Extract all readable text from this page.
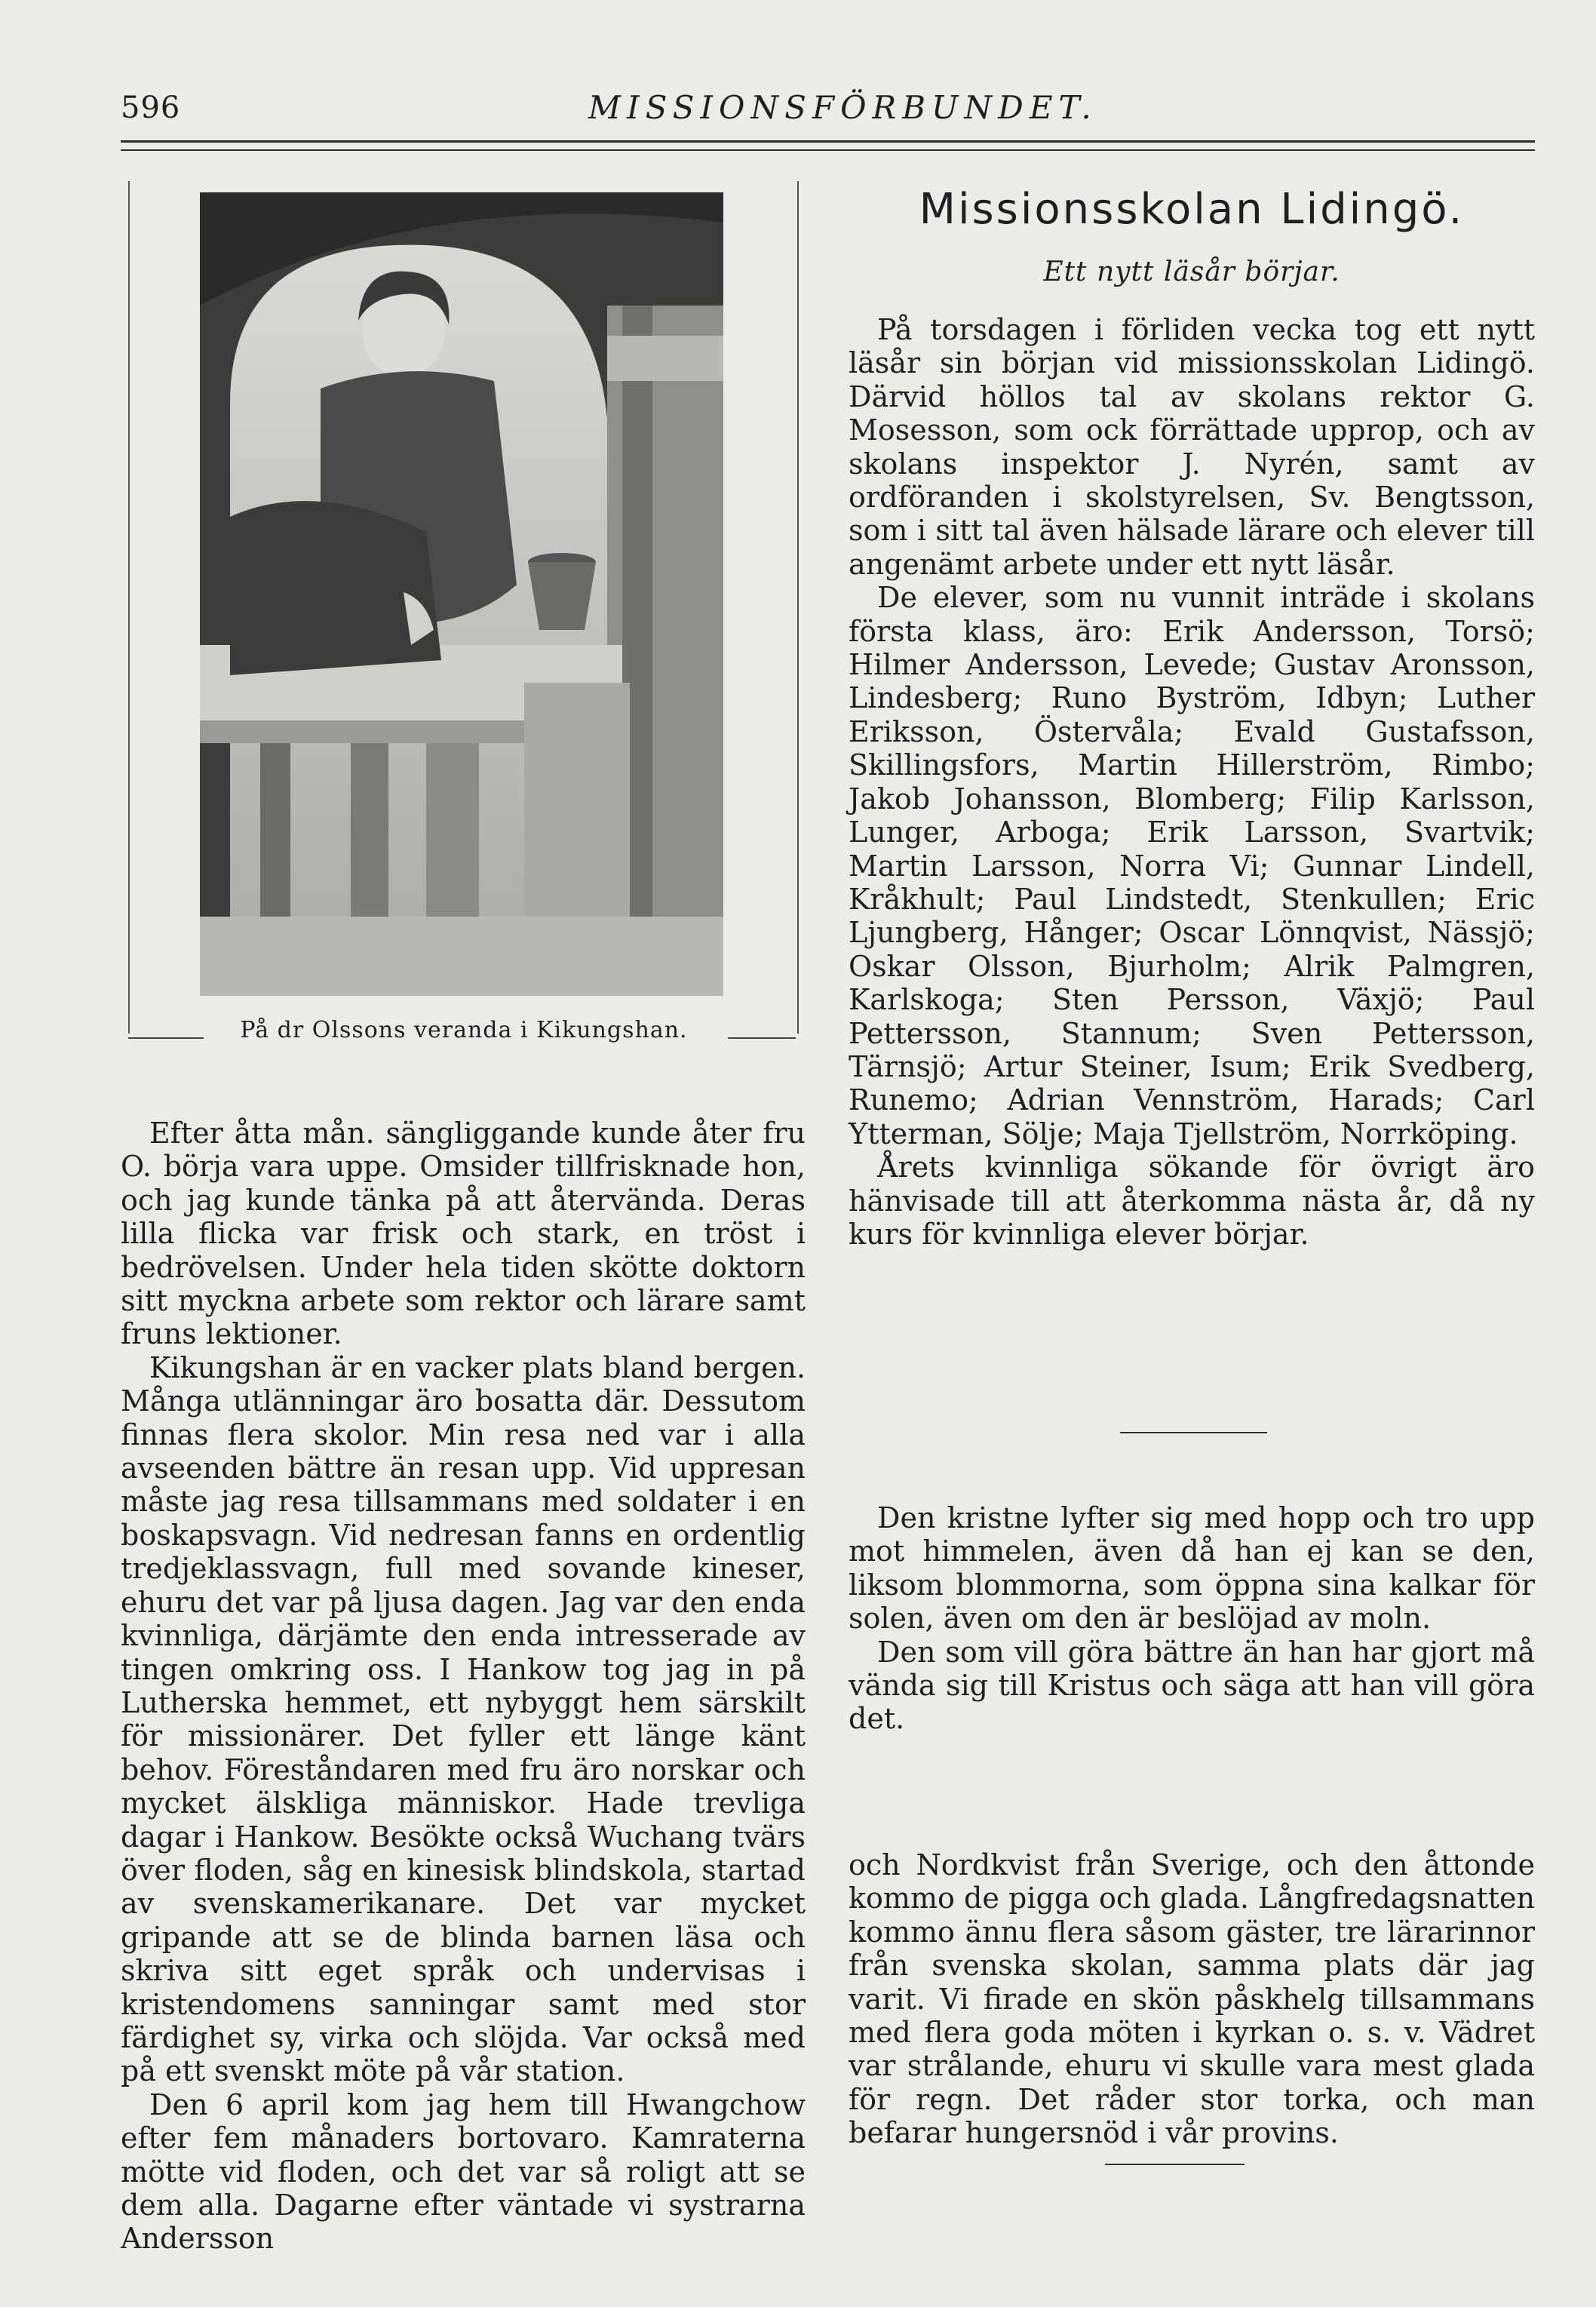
596	MISSIONSFÖRBUNDET.
På dr Olssons veranda i Kikungshan.

Efter åtta mån. sängliggande kunde åter fru O. börja vara uppe. Omsider tillfrisknade hon, och jag kunde tänka på att återvända. Deras lilla flicka var frisk och stark, en tröst i bedrövelsen. Under hela tiden skötte doktorn sitt myckna arbete som rektor och lärare samt fruns lektioner.

Kikungshan är en vacker plats bland bergen. Många utlänningar äro bosatta där. Dessutom finnas flera skolor. Min resa ned var i alla avseenden bättre än resan upp. Vid uppresan måste jag resa tillsammans med soldater i en boskapsvagn. Vid nedresan fanns en ordentlig tredjeklassvagn, full med sovande kineser, ehuru det var på ljusa dagen. Jag var den enda kvinnliga, därjämte den enda intresserade av tingen omkring oss. I Hankow tog jag in på Lutherska hemmet, ett nybyggt hem särskilt för missionärer. Det fyller ett länge känt behov. Föreståndaren med fru äro norskar och mycket älskliga människor. Hade trevliga dagar i Hankow. Besökte också Wuchang tvärs över floden, såg en kinesisk blindskola, startad av svenskamerikanare. Det var mycket gripande att se de blinda barnen läsa och skriva sitt eget språk och undervisas i kristendomens sanningar samt med stor färdighet sy, virka och slöjda. Var också med på ett svenskt möte på vår station.

Den 6 april kom jag hem till Hwangchow efter fem månaders bortovaro. Kamraterna mötte vid floden, och det var så roligt att se dem alla. Dagarne efter väntade vi systrarna Andersson

Missionsskolan Lidingö.
Ett nytt läsår börjar.

På torsdagen i förliden vecka tog ett nytt läsår sin början vid missionsskolan Lidingö. Därvid höllos tal av skolans rektor G. Mosesson, som ock förrättade upprop, och av skolans inspektor J. Nyrén, samt av ordföranden i skolstyrelsen, Sv. Bengtsson, som i sitt tal även hälsade lärare och elever till angenämt arbete under ett nytt läsår.

De elever, som nu vunnit inträde i skolans första klass, äro: Erik Andersson, Torsö; Hilmer Andersson, Levede; Gustav Aronsson, Lindesberg; Runo Byström, Idbyn; Luther Eriksson, Östervåla; Evald Gustafsson, Skillingsfors, Martin Hillerström, Rimbo; Jakob Johansson, Blomberg; Filip Karlsson, Lunger, Arboga; Erik Larsson, Svartvik; Martin Larsson, Norra Vi; Gunnar Lindell, Kråkhult; Paul Lindstedt, Stenkullen; Eric Ljungberg, Hånger; Oscar Lönnqvist, Nässjö; Oskar Olsson, Bjurholm; Alrik Palmgren, Karlskoga; Sten Persson, Växjö; Paul Pettersson, Stannum; Sven Pettersson, Tärnsjö; Artur Steiner, Isum; Erik Svedberg, Runemo; Adrian Vennström, Harads; Carl Ytterman, Sölje; Maja Tjellström, Norrköping.

Årets kvinnliga sökande för övrigt äro hänvisade till att återkomma nästa år, då ny kurs för kvinnliga elever börjar.

Den kristne lyfter sig med hopp och tro upp mot himmelen, även då han ej kan se den, liksom blommorna, som öppna sina kalkar för solen, även om den är beslöjad av moln.

Den som vill göra bättre än han har gjort må vända sig till Kristus och säga att han vill göra det.

och Nordkvist från Sverige, och den åttonde kommo de pigga och glada. Långfredagsnatten kommo ännu flera såsom gäster, tre lärarinnor från svenska skolan, samma plats där jag varit. Vi firade en skön påskhelg tillsammans med flera goda möten i kyrkan o. s. v. Vädret var strålande, ehuru vi skulle vara mest glada för regn. Det råder stor torka, och man befarar hungersnöd i vår provins.
